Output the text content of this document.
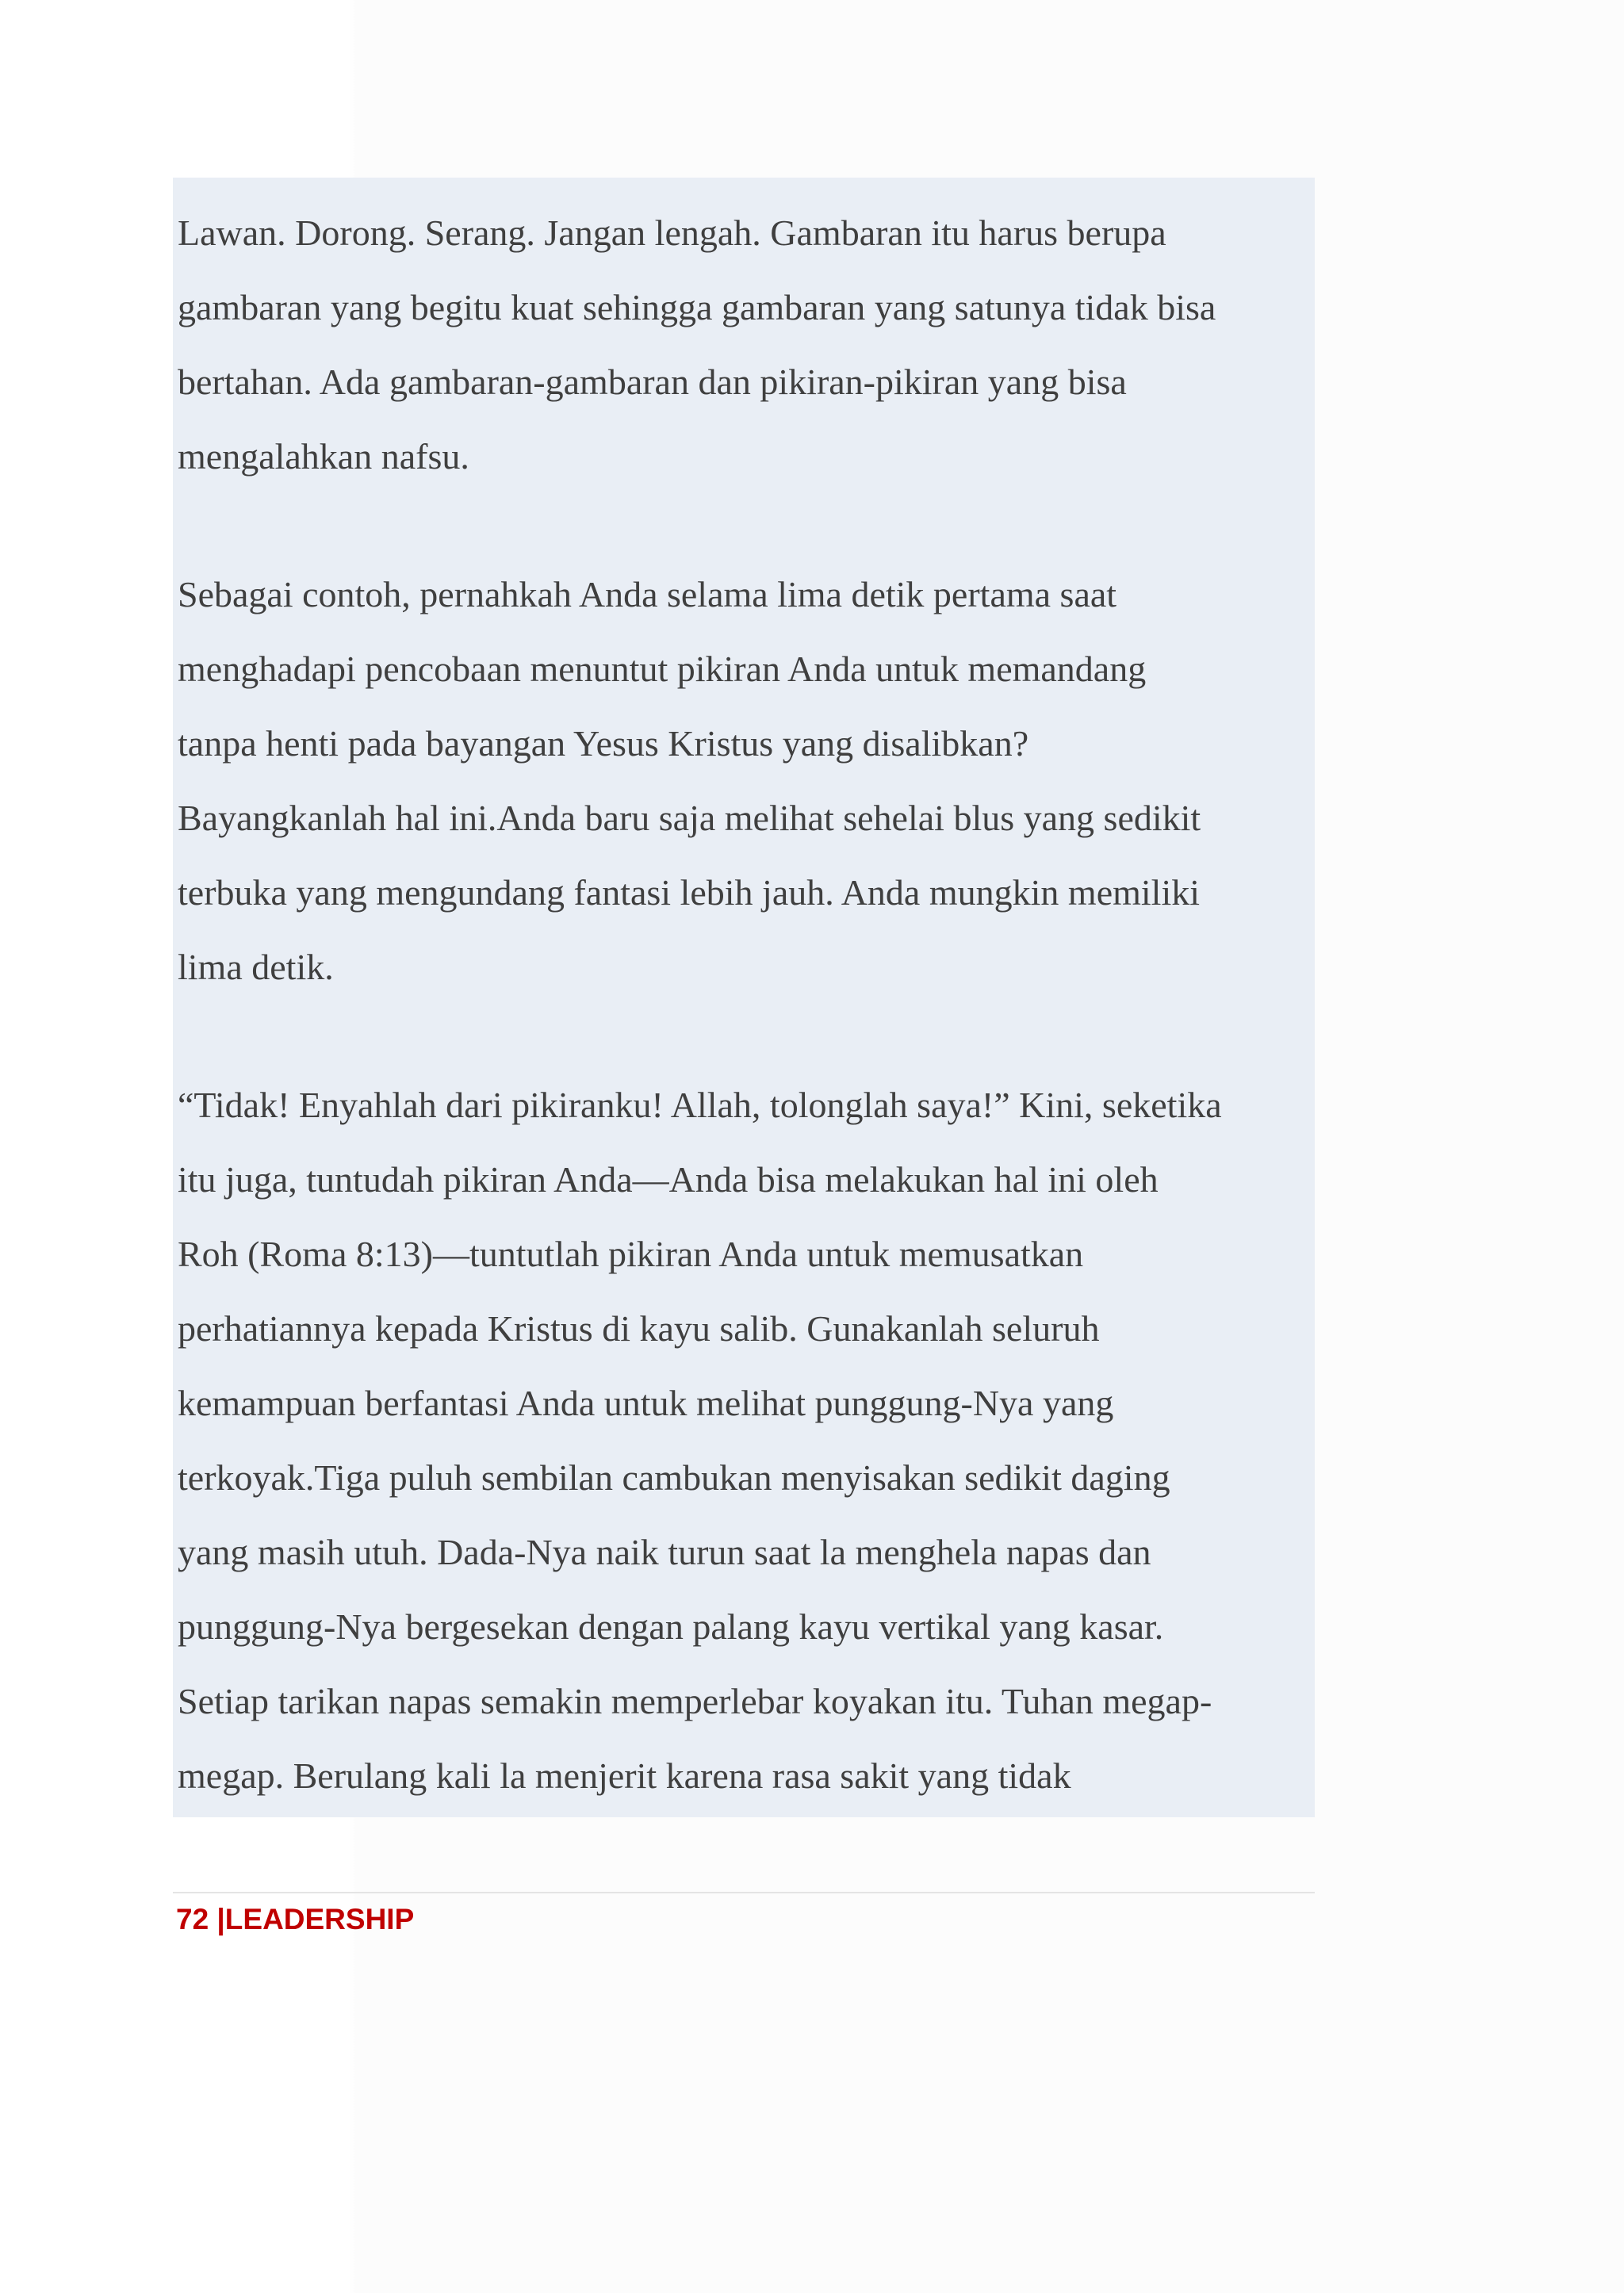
Lawan. Dorong. Serang. Jangan lengah. Gambaran itu harus berupa
gambaran yang begitu kuat sehingga gambaran yang satunya tidak bisa
bertahan. Ada gambaran-gambaran dan pikiran-pikiran yang bisa
mengalahkan nafsu.
Sebagai contoh, pernahkah Anda selama lima detik pertama saat
menghadapi pencobaan menuntut pikiran Anda untuk memandang
tanpa henti pada bayangan Yesus Kristus yang disalibkan?
Bayangkanlah hal ini.Anda baru saja melihat sehelai blus yang sedikit
terbuka yang mengundang fantasi lebih jauh. Anda mungkin memiliki
lima detik.
“Tidak! Enyahlah dari pikiranku! Allah, tolonglah saya!” Kini, seketika
itu juga, tuntudah pikiran Anda—Anda bisa melakukan hal ini oleh
Roh (Roma 8:13)—tuntutlah pikiran Anda untuk memusatkan
perhatiannya kepada Kristus di kayu salib. Gunakanlah seluruh
kemampuan berfantasi Anda untuk melihat punggung-Nya yang
terkoyak.Tiga puluh sembilan cambukan menyisakan sedikit daging
yang masih utuh. Dada-Nya naik turun saat la menghela napas dan
punggung-Nya bergesekan dengan palang kayu vertikal yang kasar.
Setiap tarikan napas semakin memperlebar koyakan itu. Tuhan megap-
megap. Berulang kali la menjerit karena rasa sakit yang tidak
72 |LEADERSHIP
